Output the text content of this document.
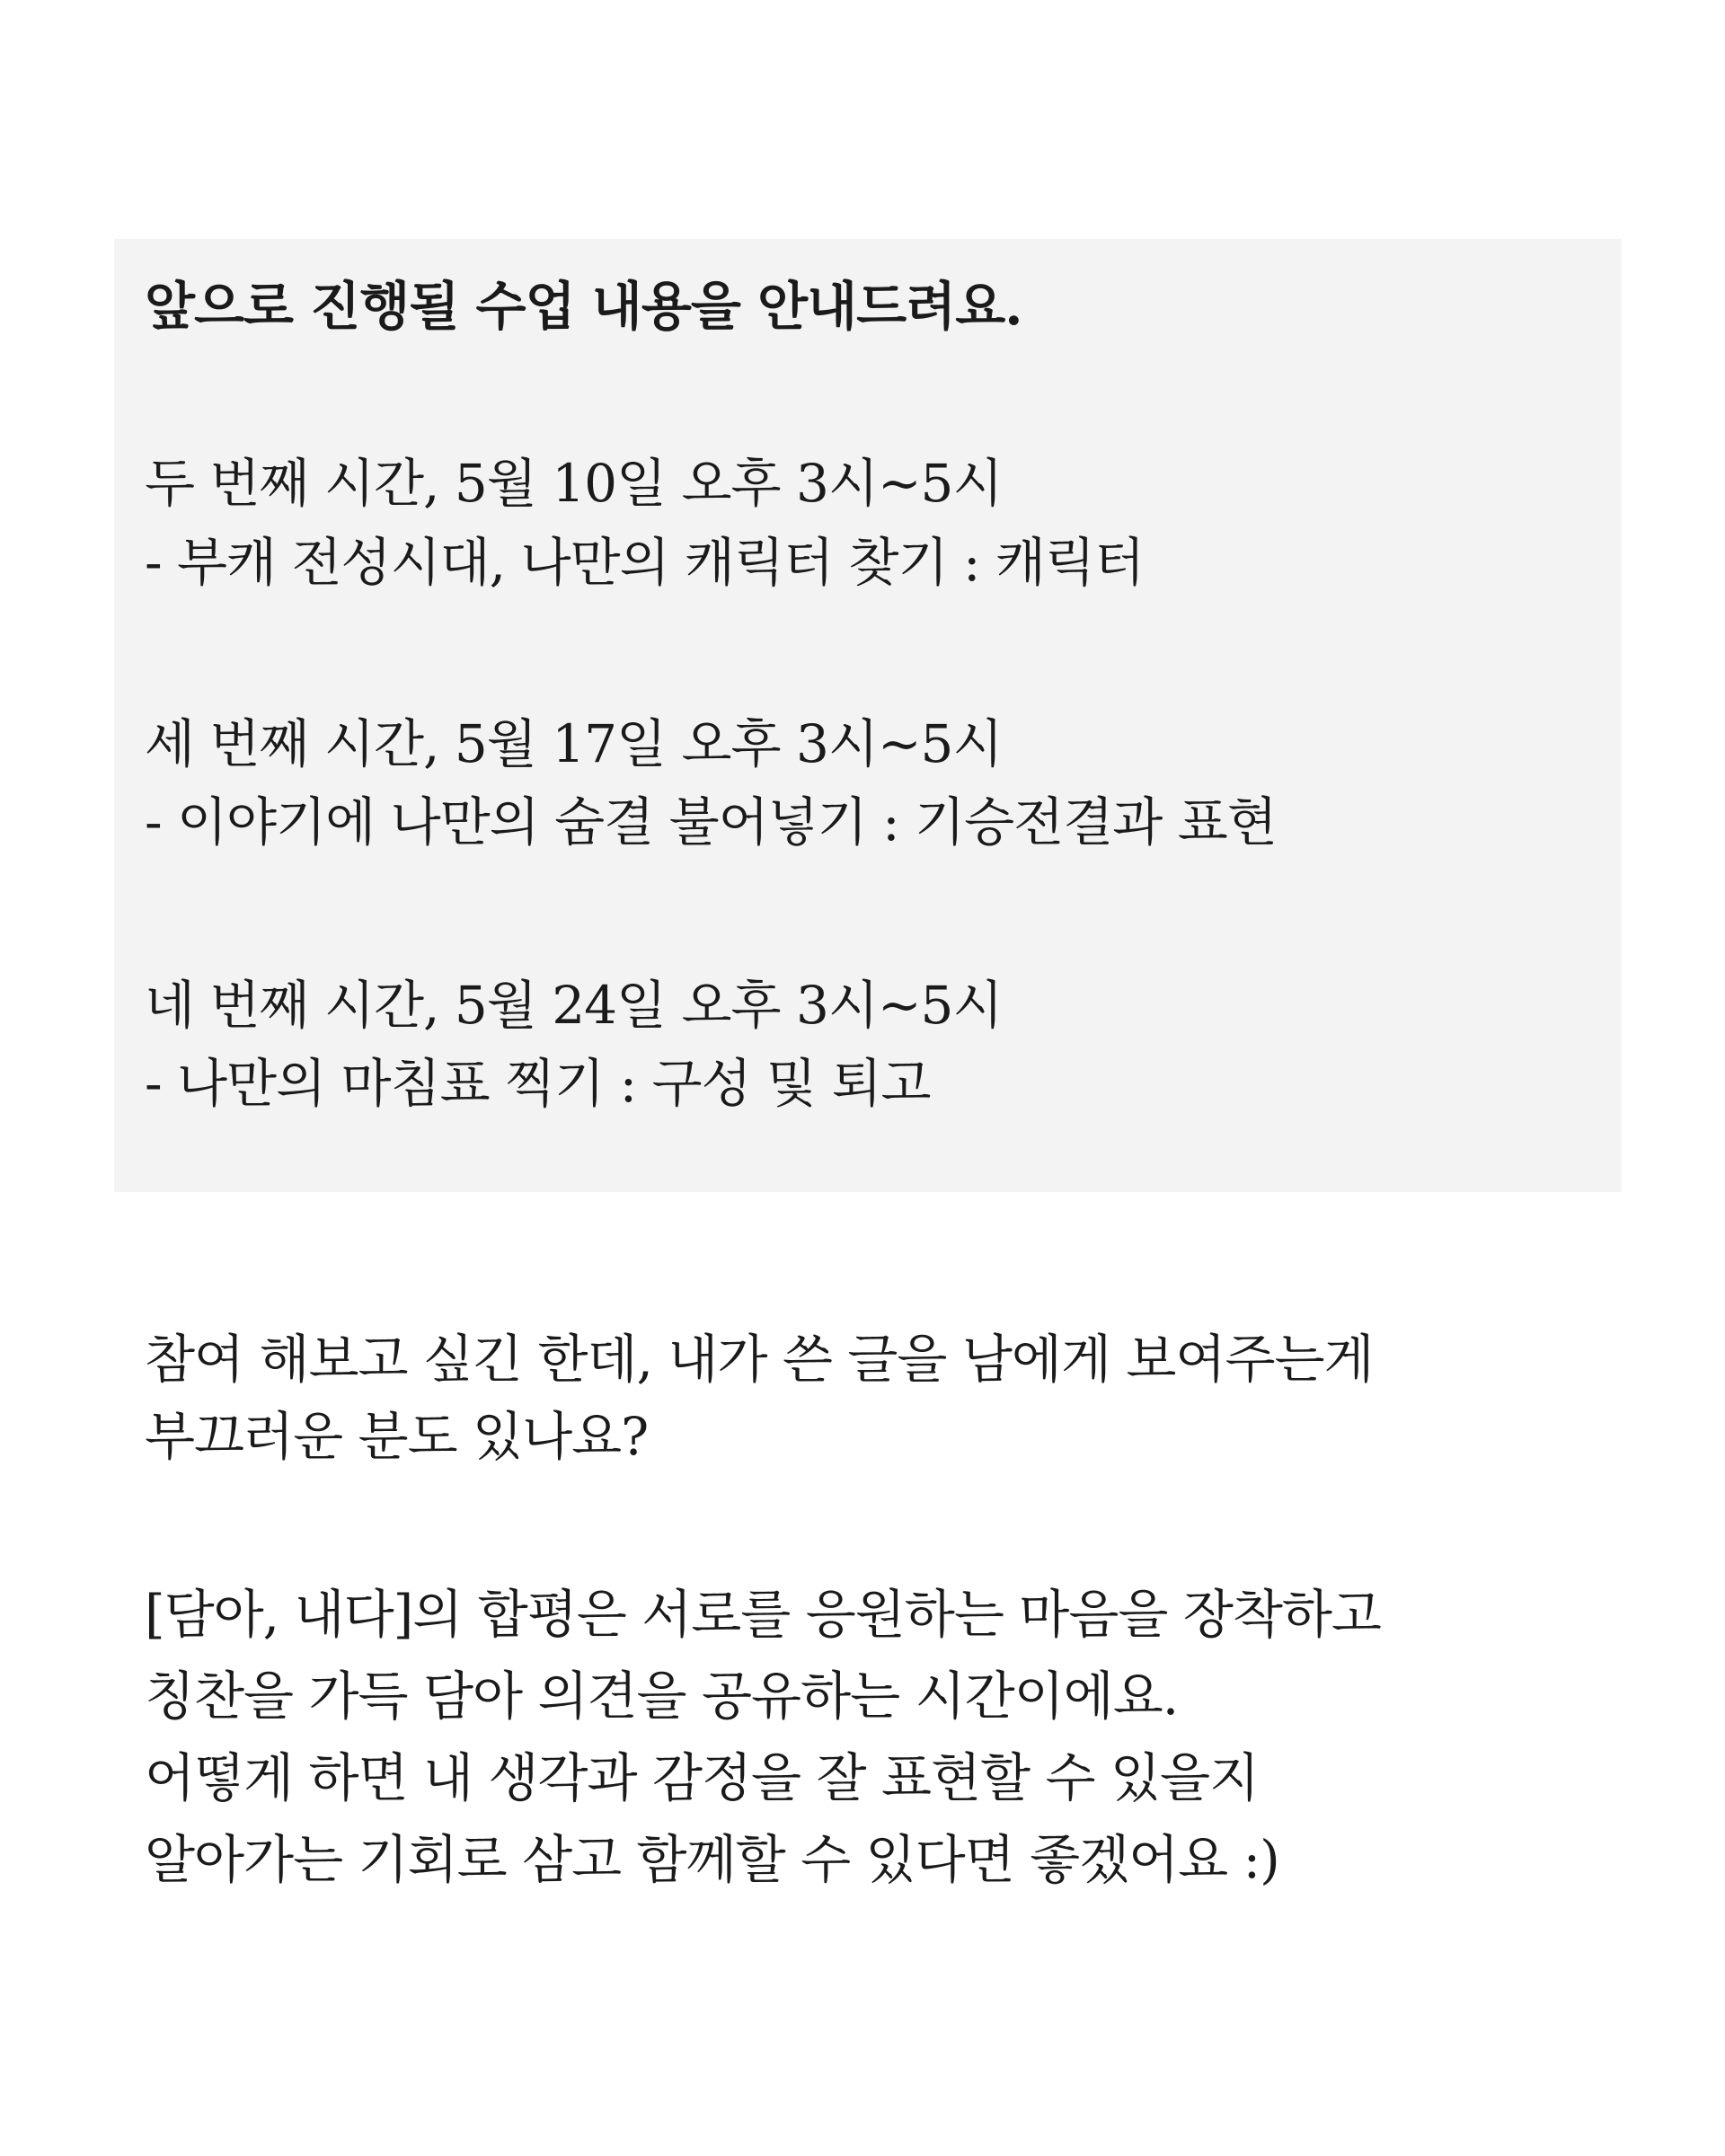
앞으로 진행될 수업 내용을 안내드려요.
두 번째 시간, 5월 10일 오후 3시~5시
- 부캐 전성시대, 나만의 캐릭터 찾기 : 캐릭터
세 번째 시간, 5월 17일 오후 3시~5시
- 이야기에 나만의 숨결 불어넣기 : 기승전결과 표현
네 번째 시간, 5월 24일 오후 3시~5시
- 나만의 마침표 찍기 : 구성 및 퇴고
참여 해보고 싶긴 한데, 내가 쓴 글을 남에게 보여주는게
부끄러운 분도 있나요?
[담아, 내다]의 합평은 서로를 응원하는 마음을 장착하고
칭찬을 가득 담아 의견을 공유하는 시간이에요.
어떻게 하면 내 생각과 감정을 잘 표현할 수 있을지
알아가는 기회로 삼고 함께할 수 있다면 좋겠어요 :)
